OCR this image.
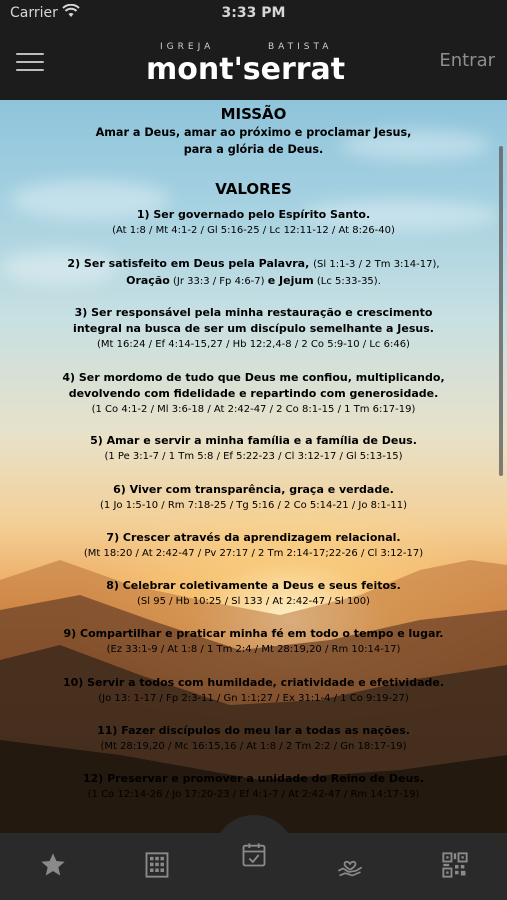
Carrier	3:33 PM
IGREJA	BATISTA
mont'serrat	Entrar
MISSÃO
Amar a Deus, amar ao próximo e proclamar Jesus, para a glória de Deus.
VALORES
1) Ser governado pelo Espírito Santo.
(At 1:8 / Mt 4:1-2 / Gl 5:16-25 / Lc 12:11-12 / At 8:26-40)
2) Ser satisfeito em Deus pela Palavra, (Sl 1:1-3 / 2 Tm 3:14-17),
Oração (Jr 33:3 / Fp 4:6-7) e Jejum (Lc 5:33-35).
3) Ser responsável pela minha restauração e crescimento integral na busca de ser um discípulo semelhante a Jesus.
(Mt 16:24 / Ef 4:14-15,27 / Hb 12:2,4-8 / 2 Co 5:9-10 / Lc 6:46)
4) Ser mordomo de tudo que Deus me confiou, multiplicando, devolvendo com fidelidade e repartindo com generosidade.
(1 Co 4:1-2 / Ml 3:6-18 / At 2:42-47 / 2 Co 8:1-15 / 1 Tm 6:17-19)
5) Amar e servir a minha família e a família de Deus.
(1 Pe 3:1-7 / 1 Tm 5:8 / Ef 5:22-23 / Cl 3:12-17 / Gl 5:13-15)
6) Viver com transparência, graça e verdade.
(1 Jo 1:5-10 / Rm 7:18-25 / Tg 5:16 / 2 Co 5:14-21 / Jo 8:1-11)
7) Crescer através da aprendizagem relacional.
(Mt 18:20 / At 2:42-47 / Pv 27:17 / 2 Tm 2:14-17;22-26 / Cl 3:12-17)
8) Celebrar coletivamente a Deus e seus feitos.
(Sl 95 / Hb 10:25 / Sl 133 / At 2:42-47 / Sl 100)
9) Compartilhar e praticar minha fé em todo o tempo e lugar.
(Ez 33:1-9 / At 1:8 / 1 Tm 2:4 / Mt 28:19,20 / Rm 10:14-17)
10) Servir a todos com humildade, criatividade e efetividade.
(Jo 13: 1-17 / Fp 2:3-11 / Gn 1:1;27 / Ex 31:1-4 / 1 Co 9:19-27)
11) Fazer discípulos do meu lar a todas as nações.
(Mt 28:19,20 / Mc 16:15,16 / At 1:8 / 2 Tm 2:2 / Gn 18:17-19)
12) Preservar e promover a unidade do Reino de Deus.
(1 Co 12:14-26 / Jo 17:20-23 / Ef 4:1-7 / At 2:42-47 / Rm 14:17-19)
